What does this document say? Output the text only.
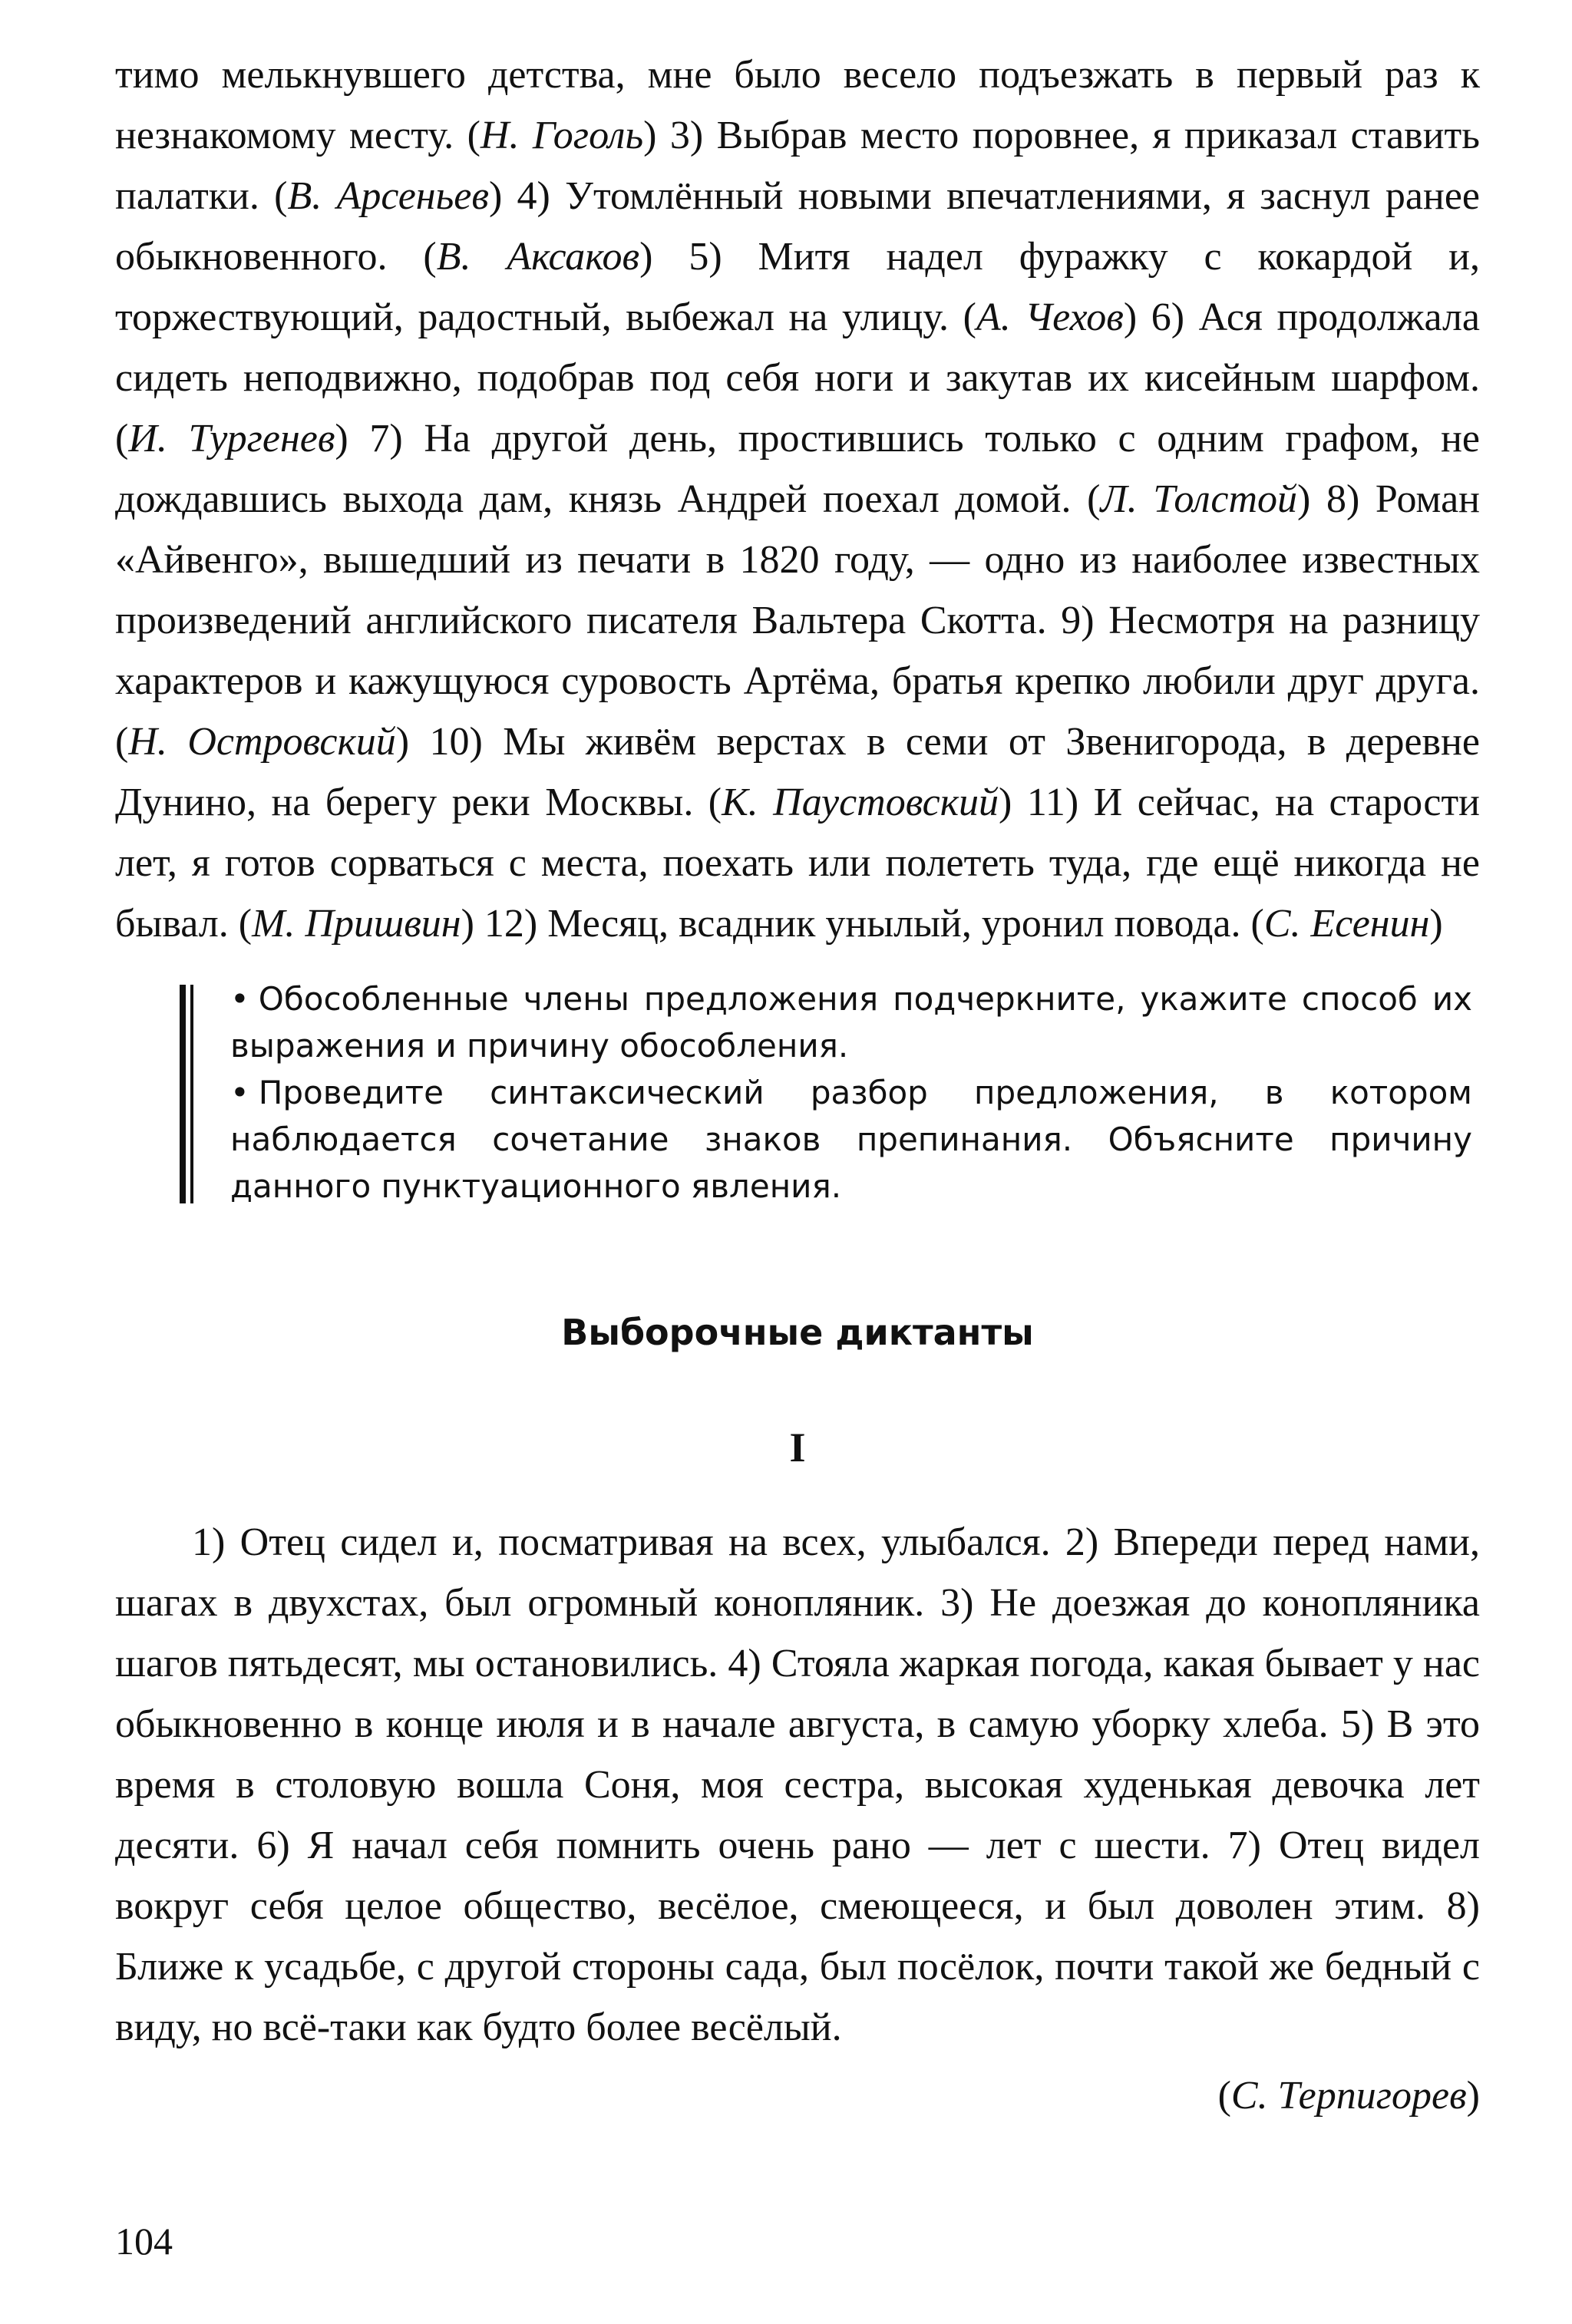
тимо мелькнувшего детства, мне было весело подъезжать в первый раз к незнакомому месту. (Н. Гоголь) 3) Выбрав место поровнее, я приказал ставить палатки. (В. Арсеньев) 4) Утомлённый новыми впечатлениями, я заснул ранее обыкновенного. (В. Аксаков) 5) Митя надел фуражку с кокардой и, торжествующий, радостный, выбежал на улицу. (А. Чехов) 6) Ася продолжала сидеть неподвижно, подобрав под себя ноги и закутав их кисейным шарфом. (И. Тургенев) 7) На другой день, простившись только с одним графом, не дождавшись выхода дам, князь Андрей поехал домой. (Л. Толстой) 8) Роман «Айвенго», вышедший из печати в 1820 году, — одно из наиболее известных произведений английского писателя Вальтера Скотта. 9) Несмотря на разницу характеров и кажущуюся суровость Артёма, братья крепко любили друг друга. (Н. Островский) 10) Мы живём верстах в семи от Звенигорода, в деревне Дунино, на берегу реки Москвы. (К. Паустовский) 11) И сейчас, на старости лет, я готов сорваться с места, поехать или полететь туда, где ещё никогда не бывал. (М. Пришвин) 12) Месяц, всадник унылый, уронил повода. (С. Есенин)

• Обособленные члены предложения подчеркните, укажите способ их выражения и причину обособления.
• Проведите синтаксический разбор предложения, в котором наблюдается сочетание знаков препинания. Объясните причину данного пунктуационного явления.
Выборочные диктанты
I

1) Отец сидел и, посматривая на всех, улыбался. 2) Впереди перед нами, шагах в двухстах, был огромный конопляник. 3) Не доезжая до конопляника шагов пятьдесят, мы остановились. 4) Стояла жаркая погода, какая бывает у нас обыкновенно в конце июля и в начале августа, в самую уборку хлеба. 5) В это время в столовую вошла Соня, моя сестра, высокая худенькая девочка лет десяти. 6) Я начал себя помнить очень рано — лет с шести. 7) Отец видел вокруг себя целое общество, весёлое, смеющееся, и был доволен этим. 8) Ближе к усадьбе, с другой стороны сада, был посёлок, почти такой же бедный с виду, но всё-таки как будто более весёлый.

(С. Терпигорев)

104
